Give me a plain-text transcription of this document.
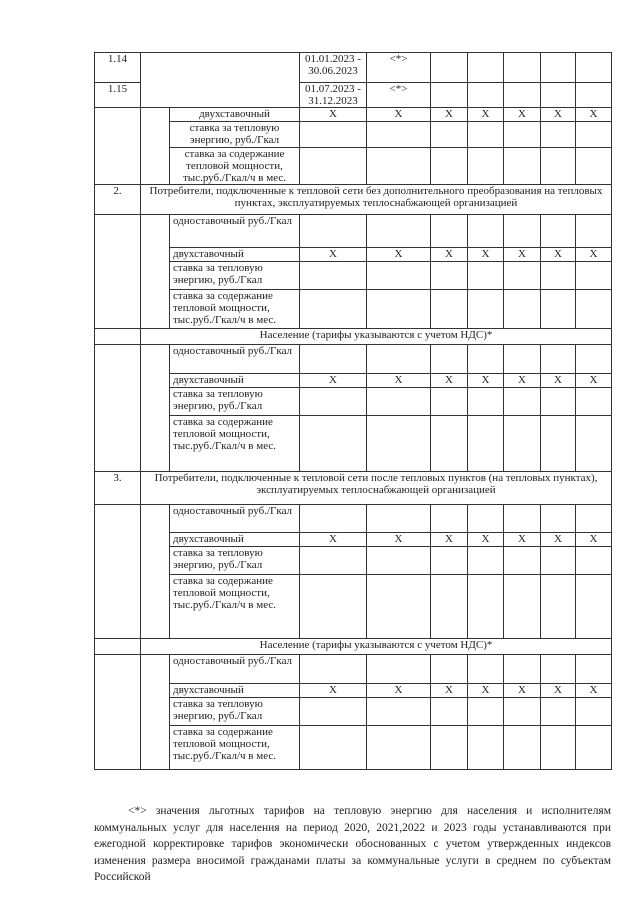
1.14			01.01.2023 - 30.06.2023	<*>					
1.15			01.07.2023 - 31.12.2023	<*>					
		двухставочный	X	X	X	X	X	X	X
		ставка за тепловую энергию, руб./Гкал							
		ставка за содержание тепловой мощности, тыс.руб./Гкал/ч в мес.							
2.	Потребители, подключенные к тепловой сети без дополнительного преобразования на тепловых пунктах, эксплуатируемых теплоснабжающей организацией								
		одноставочный руб./Гкал							
		двухставочный	X	X	X	X	X	X	X
		ставка за тепловую энергию, руб./Гкал							
		ставка за содержание тепловой мощности, тыс.руб./Гкал/ч в мес.							
	Население (тарифы указываются с учетом НДС)*								
		одноставочный руб./Гкал							
		двухставочный	X	X	X	X	X	X	X
		ставка за тепловую энергию, руб./Гкал							
		ставка за содержание тепловой мощности, тыс.руб./Гкал/ч в мес.							
3.	Потребители, подключенные к тепловой сети после тепловых пунктов (на тепловых пунктах), эксплуатируемых теплоснабжающей организацией								
		одноставочный руб./Гкал							
		двухставочный	X	X	X	X	X	X	X
		ставка за тепловую энергию, руб./Гкал							
		ставка за содержание тепловой мощности, тыс.руб./Гкал/ч в мес.							
	Население (тарифы указываются с учетом НДС)*								
		одноставочный руб./Гкал							
		двухставочный	X	X	X	X	X	X	X
		ставка за тепловую энергию, руб./Гкал							
		ставка за содержание тепловой мощности, тыс.руб./Гкал/ч в мес.							

<*> значения льготных тарифов на тепловую энергию для населения и исполнителям коммунальных услуг для населения на период 2020, 2021,2022 и 2023 годы устанавливаются при ежегодной корректировке тарифов экономически обоснованных с учетом утвержденных индексов изменения размера вносимой гражданами платы за коммунальные услуги в среднем по субъектам Российской
